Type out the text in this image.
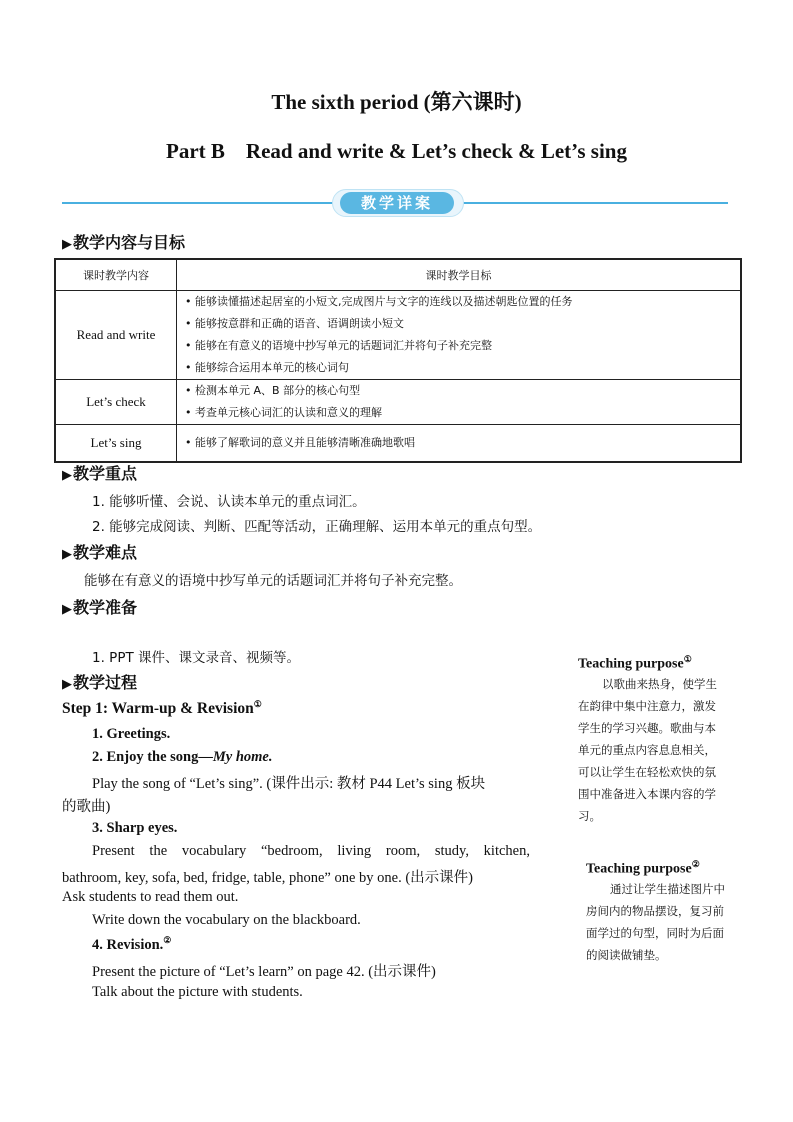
The sixth period (第六课时)
Part B    Read and write & Let’s check & Let’s sing
教学详案
▶教学内容与目标
课时教学内容	课时教学目标
Read and write	• 能够读懂描述起居室的小短文,完成图片与文字的连线以及描述朝匙位置的任务
• 能够按意群和正确的语音、语调朗读小短文
• 能够在有意义的语境中抄写单元的话题词汇并将句子补充完整
• 能够综合运用本单元的核心词句

Let’s check	• 检测本单元 A、B 部分的核心句型
• 考查单元核心词汇的认读和意义的理解

Let’s sing	• 能够了解歌词的意义并且能够清晰准确地歌唱
▶教学重点
1. 能够听懂、会说、认读本单元的重点词汇。
2. 能够完成阅读、判断、匹配等活动，正确理解、运用本单元的重点句型。
▶教学难点
能够在有意义的语境中抄写单元的话题词汇并将句子补充完整。
▶教学准备
1. PPT 课件、课文录音、视频等。
▶教学过程
Step 1: Warm-up & Revision①
1. Greetings.
2. Enjoy the song—My home.
Play the song of “Let’s sing”. (课件出示: 教材 P44 Let’s sing 板块
的歌曲)
3. Sharp eyes.
Present the vocabulary “bedroom, living room, study, kitchen,
bathroom, key, sofa, bed, fridge, table, phone” one by one. (出示课件)
Ask students to read them out.
Write down the vocabulary on the blackboard.
4. Revision.②
Present the picture of “Let’s learn” on page 42. (出示课件)
Talk about the picture with students.
Teaching purpose①
以歌曲来热身，使学生
在韵律中集中注意力，激发
学生的学习兴趣。歌曲与本
单元的重点内容息息相关，
可以让学生在轻松欢快的氛
围中准备进入本课内容的学
习。
Teaching purpose②
通过让学生描述图片中
房间内的物品摆设，复习前
面学过的句型，同时为后面
的阅读做铺垫。
